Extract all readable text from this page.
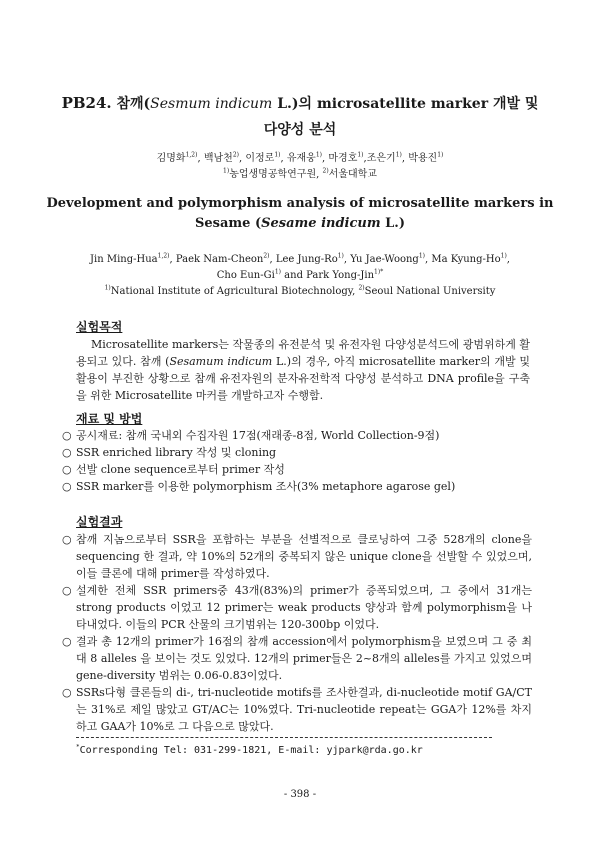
PB24. 참깨(Sesmum indicum L.)의 microsatellite marker 개발 및
다양성 분석
김명화$^{1,2)}$, 백남천$^{2)}$, 이정로$^{1)}$, 유재웅$^{1)}$, 마경호$^{1)}$,조은기$^{1)}$, 박용진$^{1)}$
$^{1)}$농업생명공학연구원, $^{2)}$서울대학교
Development and polymorphism analysis of microsatellite markers in
Sesame (Sesame indicum L.)
Jin Ming-Hua$^{1,2)}$, Paek Nam-Cheon$^{2)}$, Lee Jung-Ro$^{1)}$, Yu Jae-Woong$^{1)}$, Ma Kyung-Ho$^{1)}$,
Cho Eun-Gi$^{1)}$ and Park Yong-Jin$^{1)*}$
$^{1)}$National Institute of Agricultural Biotechnology, $^{2)}$Seoul National University
실험목적
Microsatellite markers는 작물종의 유전분석 및 유전자원 다양성분석드에 광범위하게 활용되고 있다. 참깨 (Sesamum indicum L.)의 경우, 아직 microsatellite marker의 개발 및 활용이 부진한 상황으로 참깨 유전자원의 분자유전학적 다양성 분석하고 DNA profile을 구축을 위한 Microsatellite 마커를 개발하고자 수행함.
재료 및 방법
○ 공시재료: 참깨 국내외 수집자원 17점(재래종-8점, World Collection-9점)
○ SSR enriched library 작성 및 cloning
○ 선발 clone sequence로부터 primer 작성
○ SSR marker를 이용한 polymorphism 조사(3% metaphore agarose gel)
실험결과
○ 참깨 지놈으로부터 SSR을 포함하는 부분을 선별적으로 클로닝하여 그중 528개의 clone을 sequencing 한 결과, 약 10%의 52개의 중복되지 않은 unique clone을 선발할 수 있었으며, 이들 클론에 대해 primer를 작성하였다.
○ 설계한 전체 SSR primers중 43개(83%)의 primer가 증폭되었으며, 그 중에서 31개는 strong products 이었고 12 primer는 weak products 양상과 함께 polymorphism을 나타내었다. 이들의 PCR 산물의 크기범위는 120-300bp 이었다.
○ 결과 총 12개의 primer가 16점의 참깨 accession에서 polymorphism을 보였으며 그 중 최대 8 alleles 을 보이는 것도 있었다. 12개의 primer들은 2~8개의 alleles를 가지고 있었으며 gene-diversity 범위는 0.06-0.83이었다.
○ SSRs다형 클론들의 di-, tri-nucleotide motifs를 조사한결과, di-nucleotide motif GA/CT는 31%로 제일 많았고 GT/AC는 10%였다. Tri-nucleotide repeat는 GGA가 12%를 차지하고 GAA가 10%로 그 다음으로 많았다.
*Corresponding Tel: 031-299-1821, E-mail: yjpark@rda.go.kr
- 398 -
